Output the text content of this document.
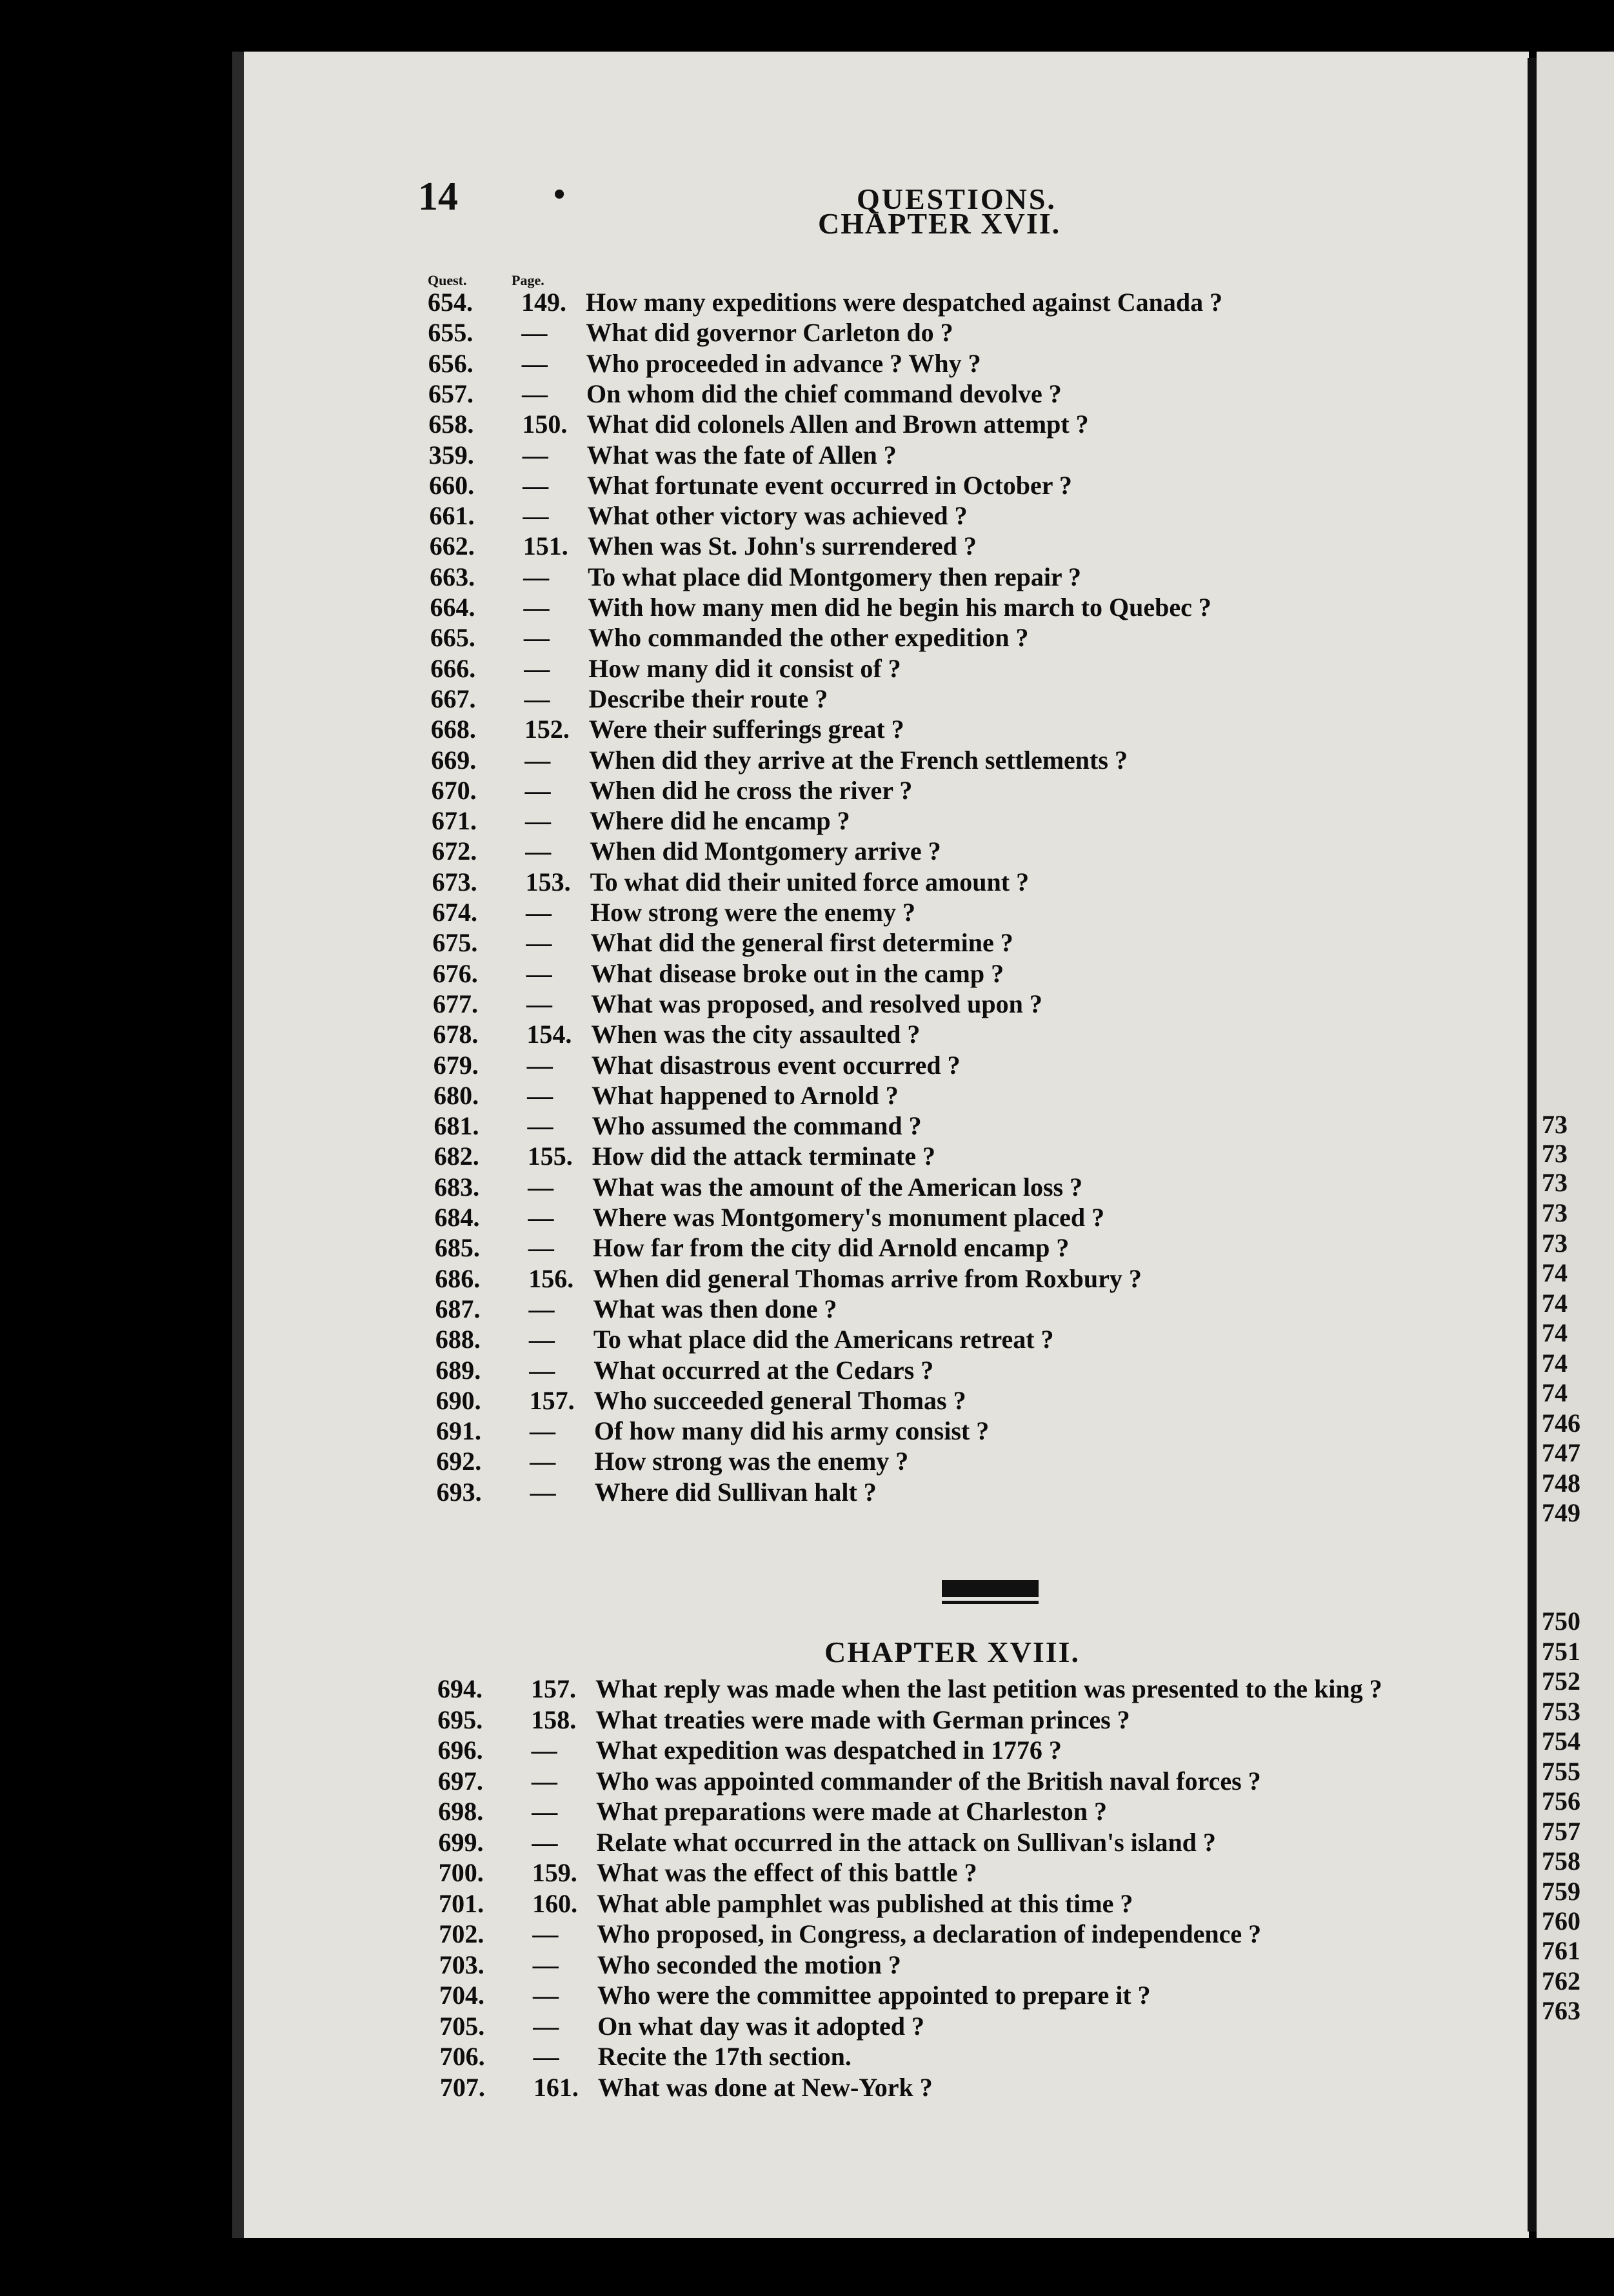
14	•	QUESTIONS.
CHAPTER XVII.
Quest.	Page.
654.	149. How many expeditions were despatched against Canada ?
655.	—	What did governor Carleton do ?
656.	—	Who proceeded in advance ? Why ?
657.	—	On whom did the chief command devolve ?
658.	150. What did colonels Allen and Brown attempt ?
359.	—	What was the fate of Allen ?
660.	—	What fortunate event occurred in October ?
661.	—	What other victory was achieved ?
662.	151. When was St. John's surrendered ?
663.	—	To what place did Montgomery then repair ?
664.	—	With how many men did he begin his march to Quebec ?
665.	—	Who commanded the other expedition ?
666.	—	How many did it consist of ?
667.	—	Describe their route ?
668.	152. Were their sufferings great ?
669.	—	When did they arrive at the French settlements ?
670.	—	When did he cross the river ?
671.	—	Where did he encamp ?
672.	—	When did Montgomery arrive ?
673.	153. To what did their united force amount ?
674.	—	How strong were the enemy ?
675.	—	What did the general first determine ?
676.	—	What disease broke out in the camp ?
677.	—	What was proposed, and resolved upon ?
678.	154. When was the city assaulted ?
679.	—	What disastrous event occurred ?
680.	—	What happened to Arnold ?
681.	—	Who assumed the command ?
682.	155. How did the attack terminate ?
683.	—	What was the amount of the American loss ?
684.	—	Where was Montgomery's monument placed ?
685.	—	How far from the city did Arnold encamp ?
686.	156. When did general Thomas arrive from Roxbury ?
687.	—	What was then done ?
688.	—	To what place did the Americans retreat ?
689.	—	What occurred at the Cedars ?
690.	157. Who succeeded general Thomas ?
691.	—	Of how many did his army consist ?
692.	—	How strong was the enemy ?
693.	—	Where did Sullivan halt ?
CHAPTER XVIII.
694.	157. What reply was made when the last petition was presented to the king ?
695.	158. What treaties were made with German princes ?
696.	—	What expedition was despatched in 1776 ?
697.	—	Who was appointed commander of the British naval forces ?
698.	—	What preparations were made at Charleston ?
699.	—	Relate what occurred in the attack on Sullivan's island ?
700.	159. What was the effect of this battle ?
701.	160. What able pamphlet was published at this time ?
702.	—	Who proposed, in Congress, a declaration of independence ?
703.	—	Who seconded the motion ?
704.	—	Who were the committee appointed to prepare it ?
705.	—	On what day was it adopted ?
706.	—	Recite the 17th section.
707.	161. What was done at New-York ?
73
73
73
73
73
74
74
74
74
74
746
747
748
749
750
751
752
753
754
755
756
757
758
759
760
761
762
763
